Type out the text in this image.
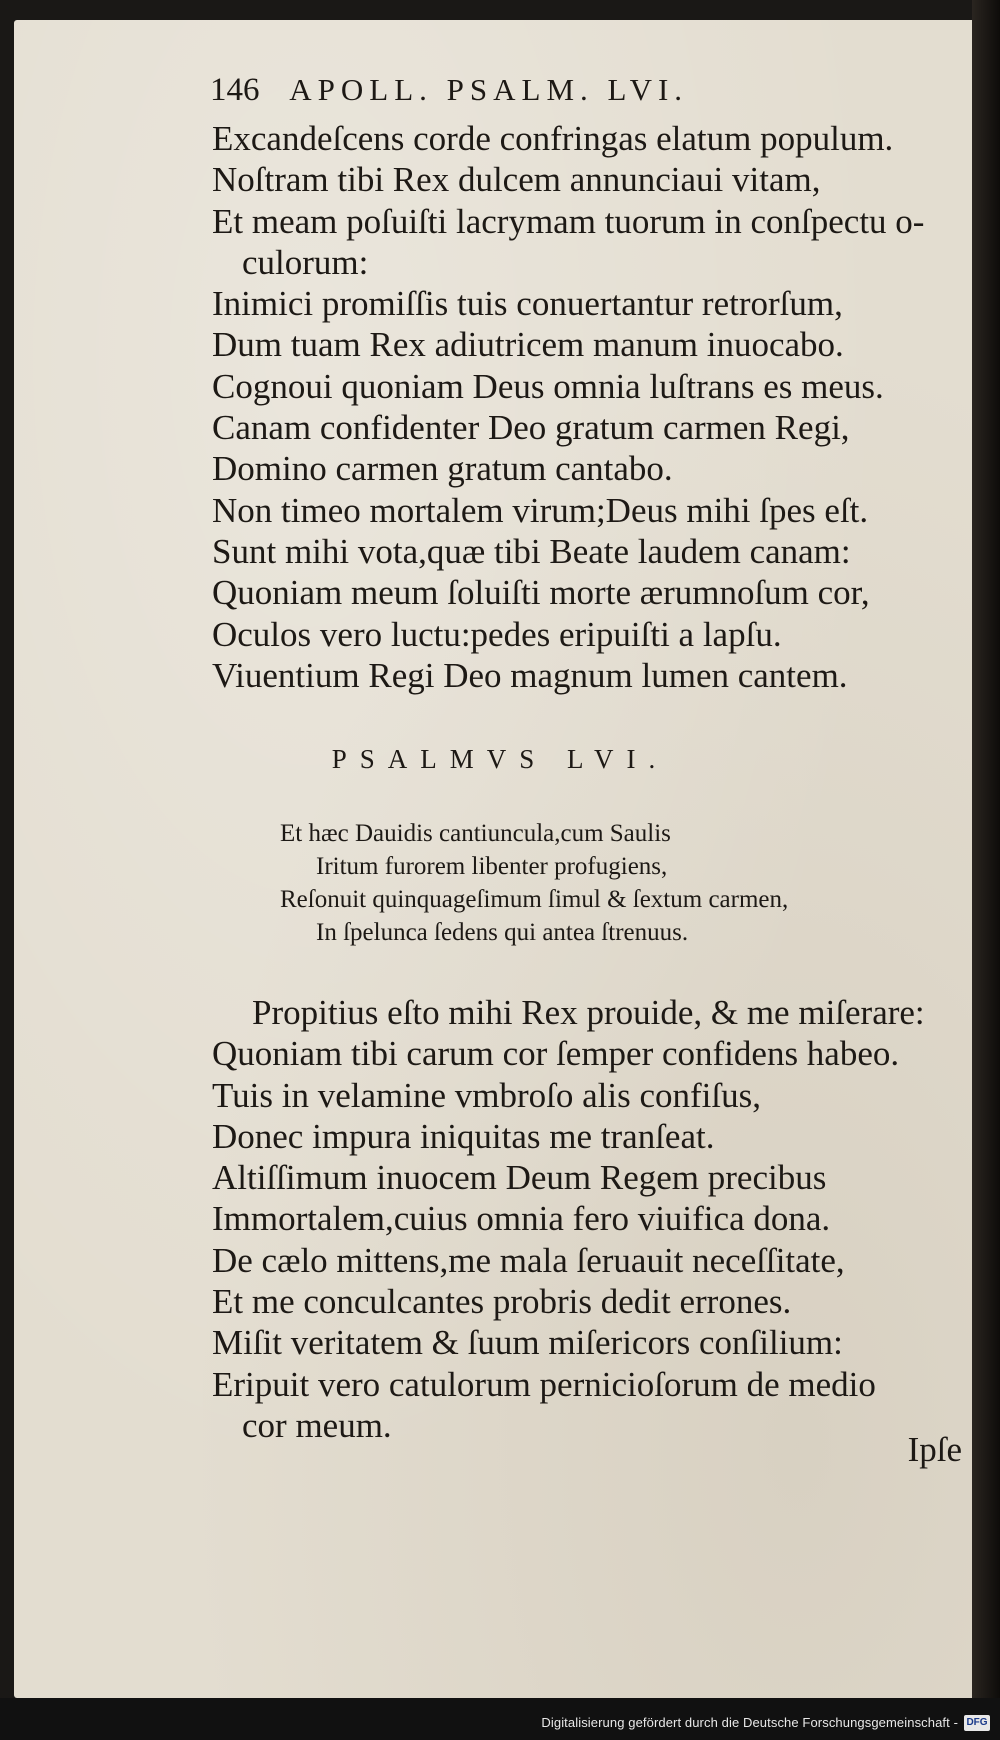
146 APOLL. PSALM. LVI.
Excandeſcens corde confringas elatum populum.
Noſtram tibi Rex dulcem annunciaui vitam,
Et meam poſuiſti lacrymam tuorum in conſpectu o-
culorum:
Inimici promiſſis tuis conuertantur retrorſum,
Dum tuam Rex adiutricem manum inuocabo.
Cognoui quoniam Deus omnia luſtrans es meus.
Canam confidenter Deo gratum carmen Regi,
Domino carmen gratum cantabo.
Non timeo mortalem virum;Deus mihi ſpes eſt.
Sunt mihi vota,quæ tibi Beate laudem canam:
Quoniam meum ſoluiſti morte ærumnoſum cor,
Oculos vero luctu:pedes eripuiſti a lapſu.
Viuentium Regi Deo magnum lumen cantem.
PSALMVS LVI.
Et hæc Dauidis cantiuncula,cum Saulis
Iritum furorem libenter profugiens,
Reſonuit quinquageſimum ſimul & ſextum carmen,
In ſpelunca ſedens qui antea ſtrenuus.
Propitius eſto mihi Rex prouide, & me miſerare:
Quoniam tibi carum cor ſemper confidens habeo.
Tuis in velamine vmbroſo alis confiſus,
Donec impura iniquitas me tranſeat.
Altiſſimum inuocem Deum Regem precibus
Immortalem,cuius omnia fero viuifica dona.
De cælo mittens,me mala ſeruauit neceſſitate,
Et me conculcantes probris dedit errones.
Miſit veritatem & ſuum miſericors conſilium:
Eripuit vero catulorum pernicioſorum de medio
cor meum.
Ipſe
Digitalisierung gefördert durch die Deutsche Forschungsgemeinschaft - DFG
